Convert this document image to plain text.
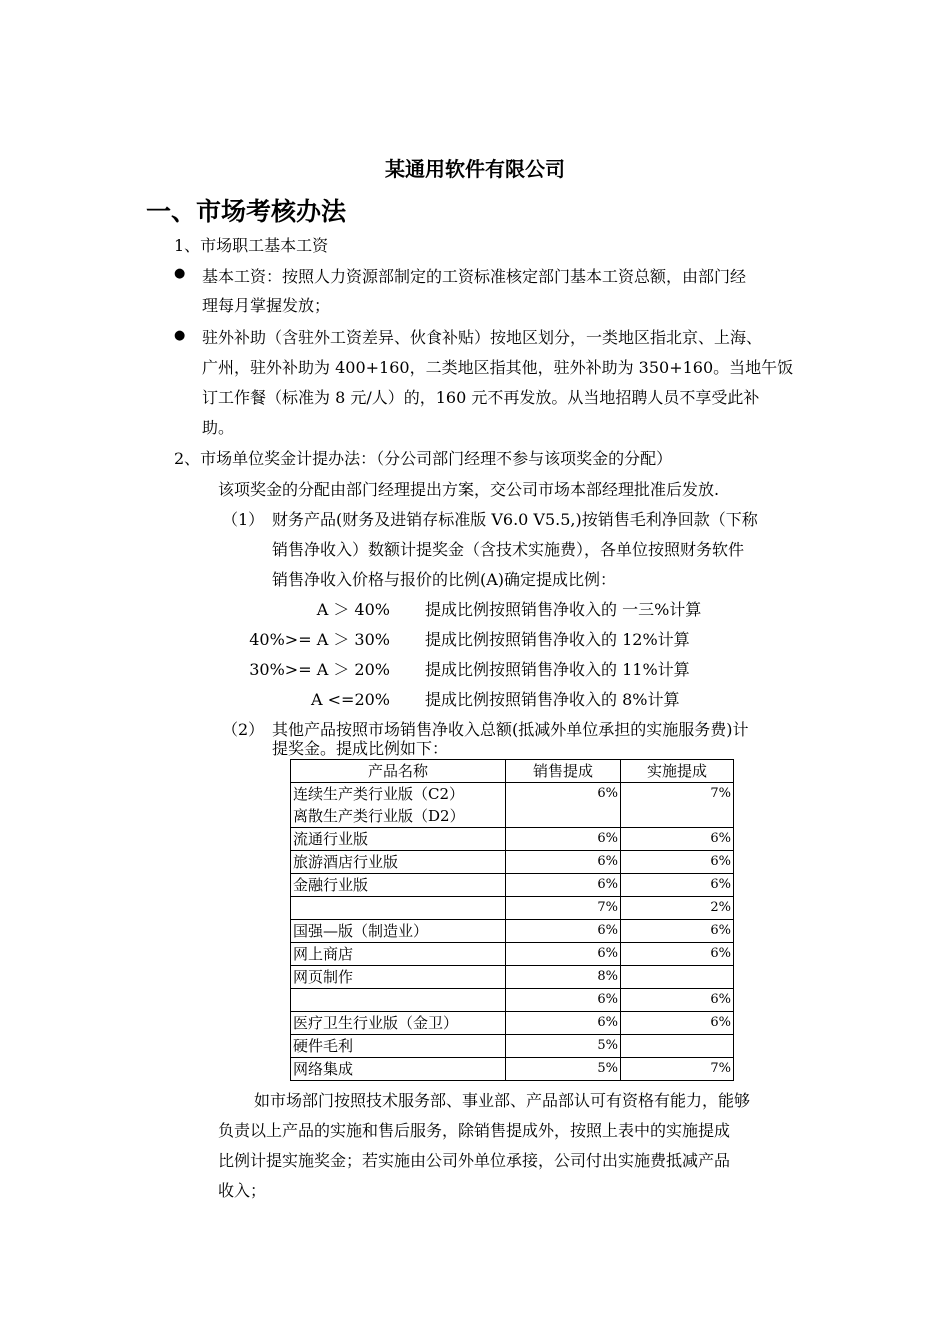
某通用软件有限公司
一、市场考核办法
1、市场职工基本工资
● 基本工资：按照人力资源部制定的工资标准核定部门基本工资总额，由部门经
理每月掌握发放；
● 驻外补助（含驻外工资差异、伙食补贴）按地区划分，一类地区指北京、上海、
广州，驻外补助为 400+160，二类地区指其他，驻外补助为 350+160。当地午饭
订工作餐（标准为 8 元/人）的，160 元不再发放。从当地招聘人员不享受此补
助。
2、市场单位奖金计提办法：（分公司部门经理不参与该项奖金的分配）
该项奖金的分配由部门经理提出方案，交公司市场本部经理批准后发放.
（1） 财务产品(财务及进销存标准版 V6.0 V5.5,)按销售毛利净回款（下称
销售净收入）数额计提奖金（含技术实施费），各单位按照财务软件
销售净收入价格与报价的比例(A)确定提成比例：
A ＞ 40% 提成比例按照销售净收入的 一三%计算
40%>= A ＞ 30% 提成比例按照销售净收入的 12%计算
30%>= A ＞ 20% 提成比例按照销售净收入的 11%计算
A <=20% 提成比例按照销售净收入的 8%计算
（2） 其他产品按照市场销售净收入总额(抵减外单位承担的实施服务费)计
提奖金。提成比例如下：
产品名称	销售提成	实施提成

连续生产类行业版（C2）
离散生产类行业版（D2）	6%	7%
流通行业版	6%	6%
旅游酒店行业版	6%	6%
金融行业版	6%	6%
	7%	2%
国强—版（制造业）	6%	6%
网上商店	6%	6%
网页制作	8%	
	6%	6%
医疗卫生行业版（金卫）	6%	6%
硬件毛利	5%	
网络集成	5%	7%
如市场部门按照技术服务部、事业部、产品部认可有资格有能力，能够
负责以上产品的实施和售后服务，除销售提成外，按照上表中的实施提成
比例计提实施奖金；若实施由公司外单位承接，公司付出实施费抵减产品
收入；
